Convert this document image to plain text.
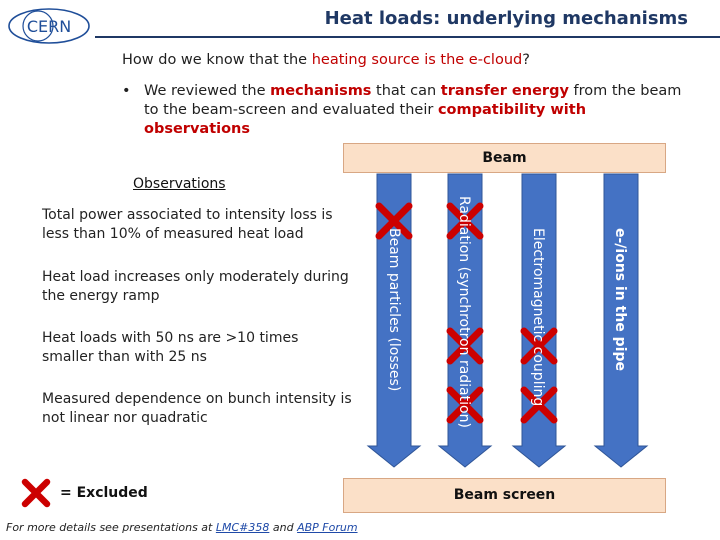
CERN	Heat loads: underlying mechanisms
How do we know that the heating source is the e-cloud?
• We reviewed the mechanisms that can transfer energy from the beam to the beam-screen and evaluated their compatibility with observations
Beam
Observations
Total power associated to intensity loss is less than 10% of measured heat load
Heat load increases only moderately during the energy ramp
Heat loads with 50 ns are >10 times smaller than with 25 ns
Measured dependence on bunch intensity is not linear nor quadratic
Beam particles (losses)	Radiation (synchrotron radiation)	Electromagnetic coupling	e-/ions in the pipe
Beam screen
= Excluded
For more details see presentations at LMC#358 and ABP Forum
